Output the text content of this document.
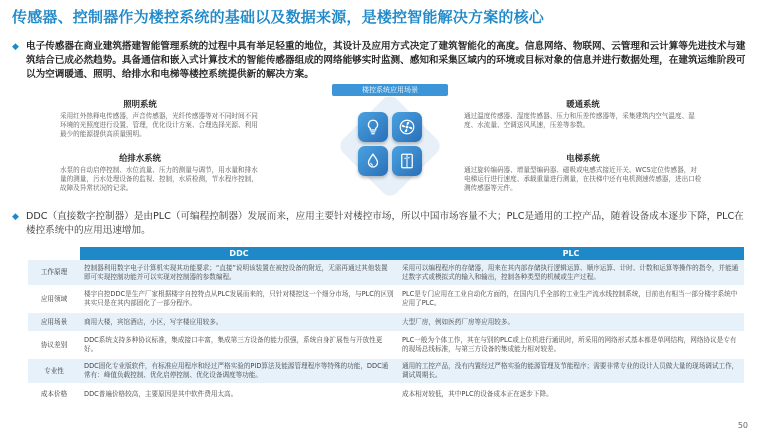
传感器、控制器作为楼控系统的基础以及数据来源，是楼控智能解决方案的核心
◆ 电子传感器在商业建筑搭建智能管理系统的过程中具有举足轻重的地位，其设计及应用方式决定了建筑智能化的高度。信息网络、物联网、云管理和云计算等先进技术与建筑结合已成必然趋势。具备通信和嵌入式计算技术的智能传感器组成的网络能够实时监测、感知和采集区域内的环境或目标对象的信息并进行数据处理，在建筑运维阶段可以为空调暖通、照明、给排水和电梯等楼控系统提供新的解决方案。
楼控系统应用场景
照明系统
采用红外热释电传感器，声音传感器，光纤传感器等对不同时间不同环境的光照度进行设置、管理，优化设计方案、合理选择光源、利用最少的能源提供高质量照明。
给排水系统
水泵的自动启停控制、水位流量、压力的测量与调节，用水量和排水量的测量，污水处理设备的监视、控制，水质检测，节水程序控制，故障及异常状况的记录。
暖通系统
通过温度传感器、湿度传感器、压力和压差传感器等，采集建筑内空气温度、湿度、水流量、空调送风风速，压差等参数。
电梯系统
通过旋转编码器、增量型编码器、磁吸或电感式接近开关、WCS定位传感器，对电梯运行进行速度、承载重量进行测量，在扶梯中还有电机测速传感器，进出口检测传感器等元件。
◆ DDC（直接数字控制器）是由PLC（可编程控制器）发展而来，应用主要针对楼控市场，所以中国市场容量不大；PLC是通用的工控产品，随着设备成本逐步下降，PLC在楼控系统中的应用迅速增加。
	DDC	PLC
工作原理	控制器利用数字电子计算机实现其功能要求；“直接”说明该装置在被控设备的附近，无需再通过其他装置即可实现控制功能并可以实现对控制器的参数编程。	采用可以编程程序的存储器，用来在其内部存储执行逻辑运算、顺序运算、计时、计数和运算等操作的指令，并能通过数字式或模拟式的输入和输出，控制各种类型的机械或生产过程。
应用领域	楼宇自控DDC是生产厂家根据楼宇自控特点从PLC发展而来的，只针对楼控这一个细分市场，与PLC的区别其实只是在其内部固化了一部分程序。	PLC是专门应用在工业自动化方面的，在国内几乎全部的工业生产流水线控制系统，目前也有相当一部分楼宇系统中应用了PLC。
应用场景	商用大楼，宾馆酒店，小区，写字楼应用较多。	大型厂房，例如医药厂房等应用较多。
协议差别	DDC系统支持多种协议标准，集成接口丰富，集成第三方设备的能力很强，系统自身扩展性与开放性更好。	PLC一般为个体工作，其在与别的PLC或上位机进行通讯时，所采用的网络形式基本都是单网结构，网络协议是专有的现场总线标准，与第三方设备的集成能力相对较差。
专业性	DDC固化专业版软件，有标准应用程序和经过严格实验的PID算法及能源管理程序等特殊的功能，DDC通常有：峰值负载控制、优化启停控制、优化设备调度等功能。	通用的工控产品，没有内置经过严格实验的能源管理及节能程序；需要非常专业的设计人员做大量的现场调试工作，调试周期长。
成本价格	DDC普遍价格较高，主要原因是其中软件费用太高。	成本相对较低，其中PLC的设备成本正在逐步下降。
50
